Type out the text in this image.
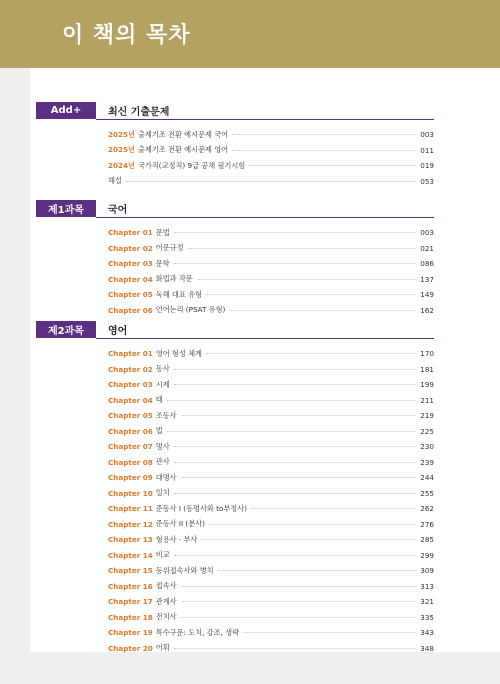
이 책의 목차
Add+	최신 기출문제
2025년 출제기조 전환 예시문제 국어	003
2025년 출제기조 전환 예시문제 영어	011
2024년 국가직(교정직) 9급 공채 필기시험	019
해설	053
제1과목	국어
Chapter 01 문법	003
Chapter 02 어문규정	021
Chapter 03 문학	086
Chapter 04 화법과 작문	137
Chapter 05 독해 대표 유형	149
Chapter 06 언어논리 (PSAT 유형)	162
제2과목	영어
Chapter 01 영어 형성 체계	170
Chapter 02 동사	181
Chapter 03 시제	199
Chapter 04 태	211
Chapter 05 조동사	219
Chapter 06 법	225
Chapter 07 명사	230
Chapter 08 관사	239
Chapter 09 대명사	244
Chapter 10 일치	255
Chapter 11 준동사 I (동명사와 to부정사)	262
Chapter 12 준동사 II (분사)	276
Chapter 13 형용사 · 부사	285
Chapter 14 비교	299
Chapter 15 등위접속사와 병치	309
Chapter 16 접속사	313
Chapter 17 관계사	321
Chapter 18 전치사	335
Chapter 19 특수구문: 도치, 강조, 생략	343
Chapter 20 어휘	348
